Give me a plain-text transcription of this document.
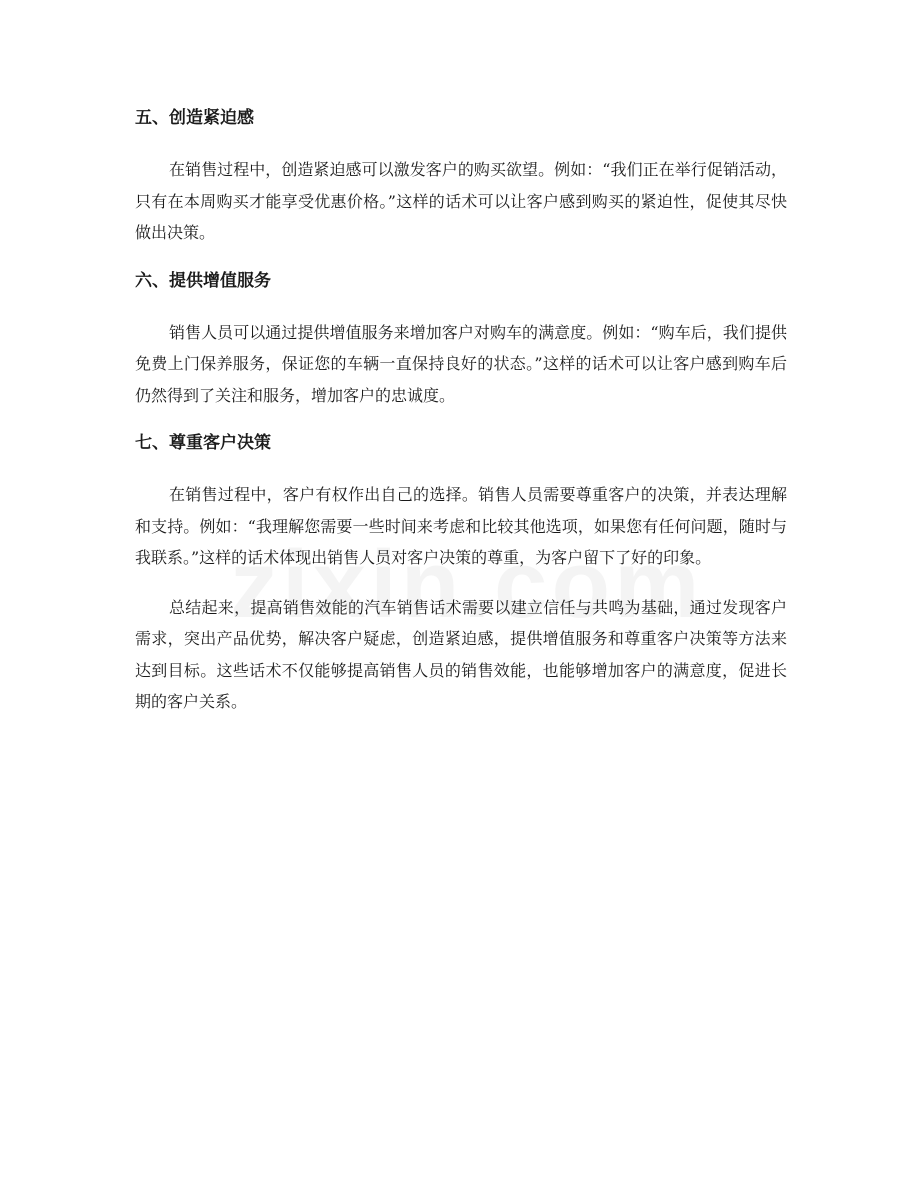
五、创造紧迫感

在销售过程中，创造紧迫感可以激发客户的购买欲望。例如：“我们正在举行促销活动，只有在本周购买才能享受优惠价格。”这样的话术可以让客户感到购买的紧迫性，促使其尽快做出决策。

六、提供增值服务

销售人员可以通过提供增值服务来增加客户对购车的满意度。例如：“购车后，我们提供免费上门保养服务，保证您的车辆一直保持良好的状态。”这样的话术可以让客户感到购车后仍然得到了关注和服务，增加客户的忠诚度。

七、尊重客户决策

在销售过程中，客户有权作出自己的选择。销售人员需要尊重客户的决策，并表达理解和支持。例如：“我理解您需要一些时间来考虑和比较其他选项，如果您有任何问题，随时与我联系。”这样的话术体现出销售人员对客户决策的尊重，为客户留下了好的印象。

总结起来，提高销售效能的汽车销售话术需要以建立信任与共鸣为基础，通过发现客户需求，突出产品优势，解决客户疑虑，创造紧迫感，提供增值服务和尊重客户决策等方法来达到目标。这些话术不仅能够提高销售人员的销售效能，也能够增加客户的满意度，促进长期的客户关系。
